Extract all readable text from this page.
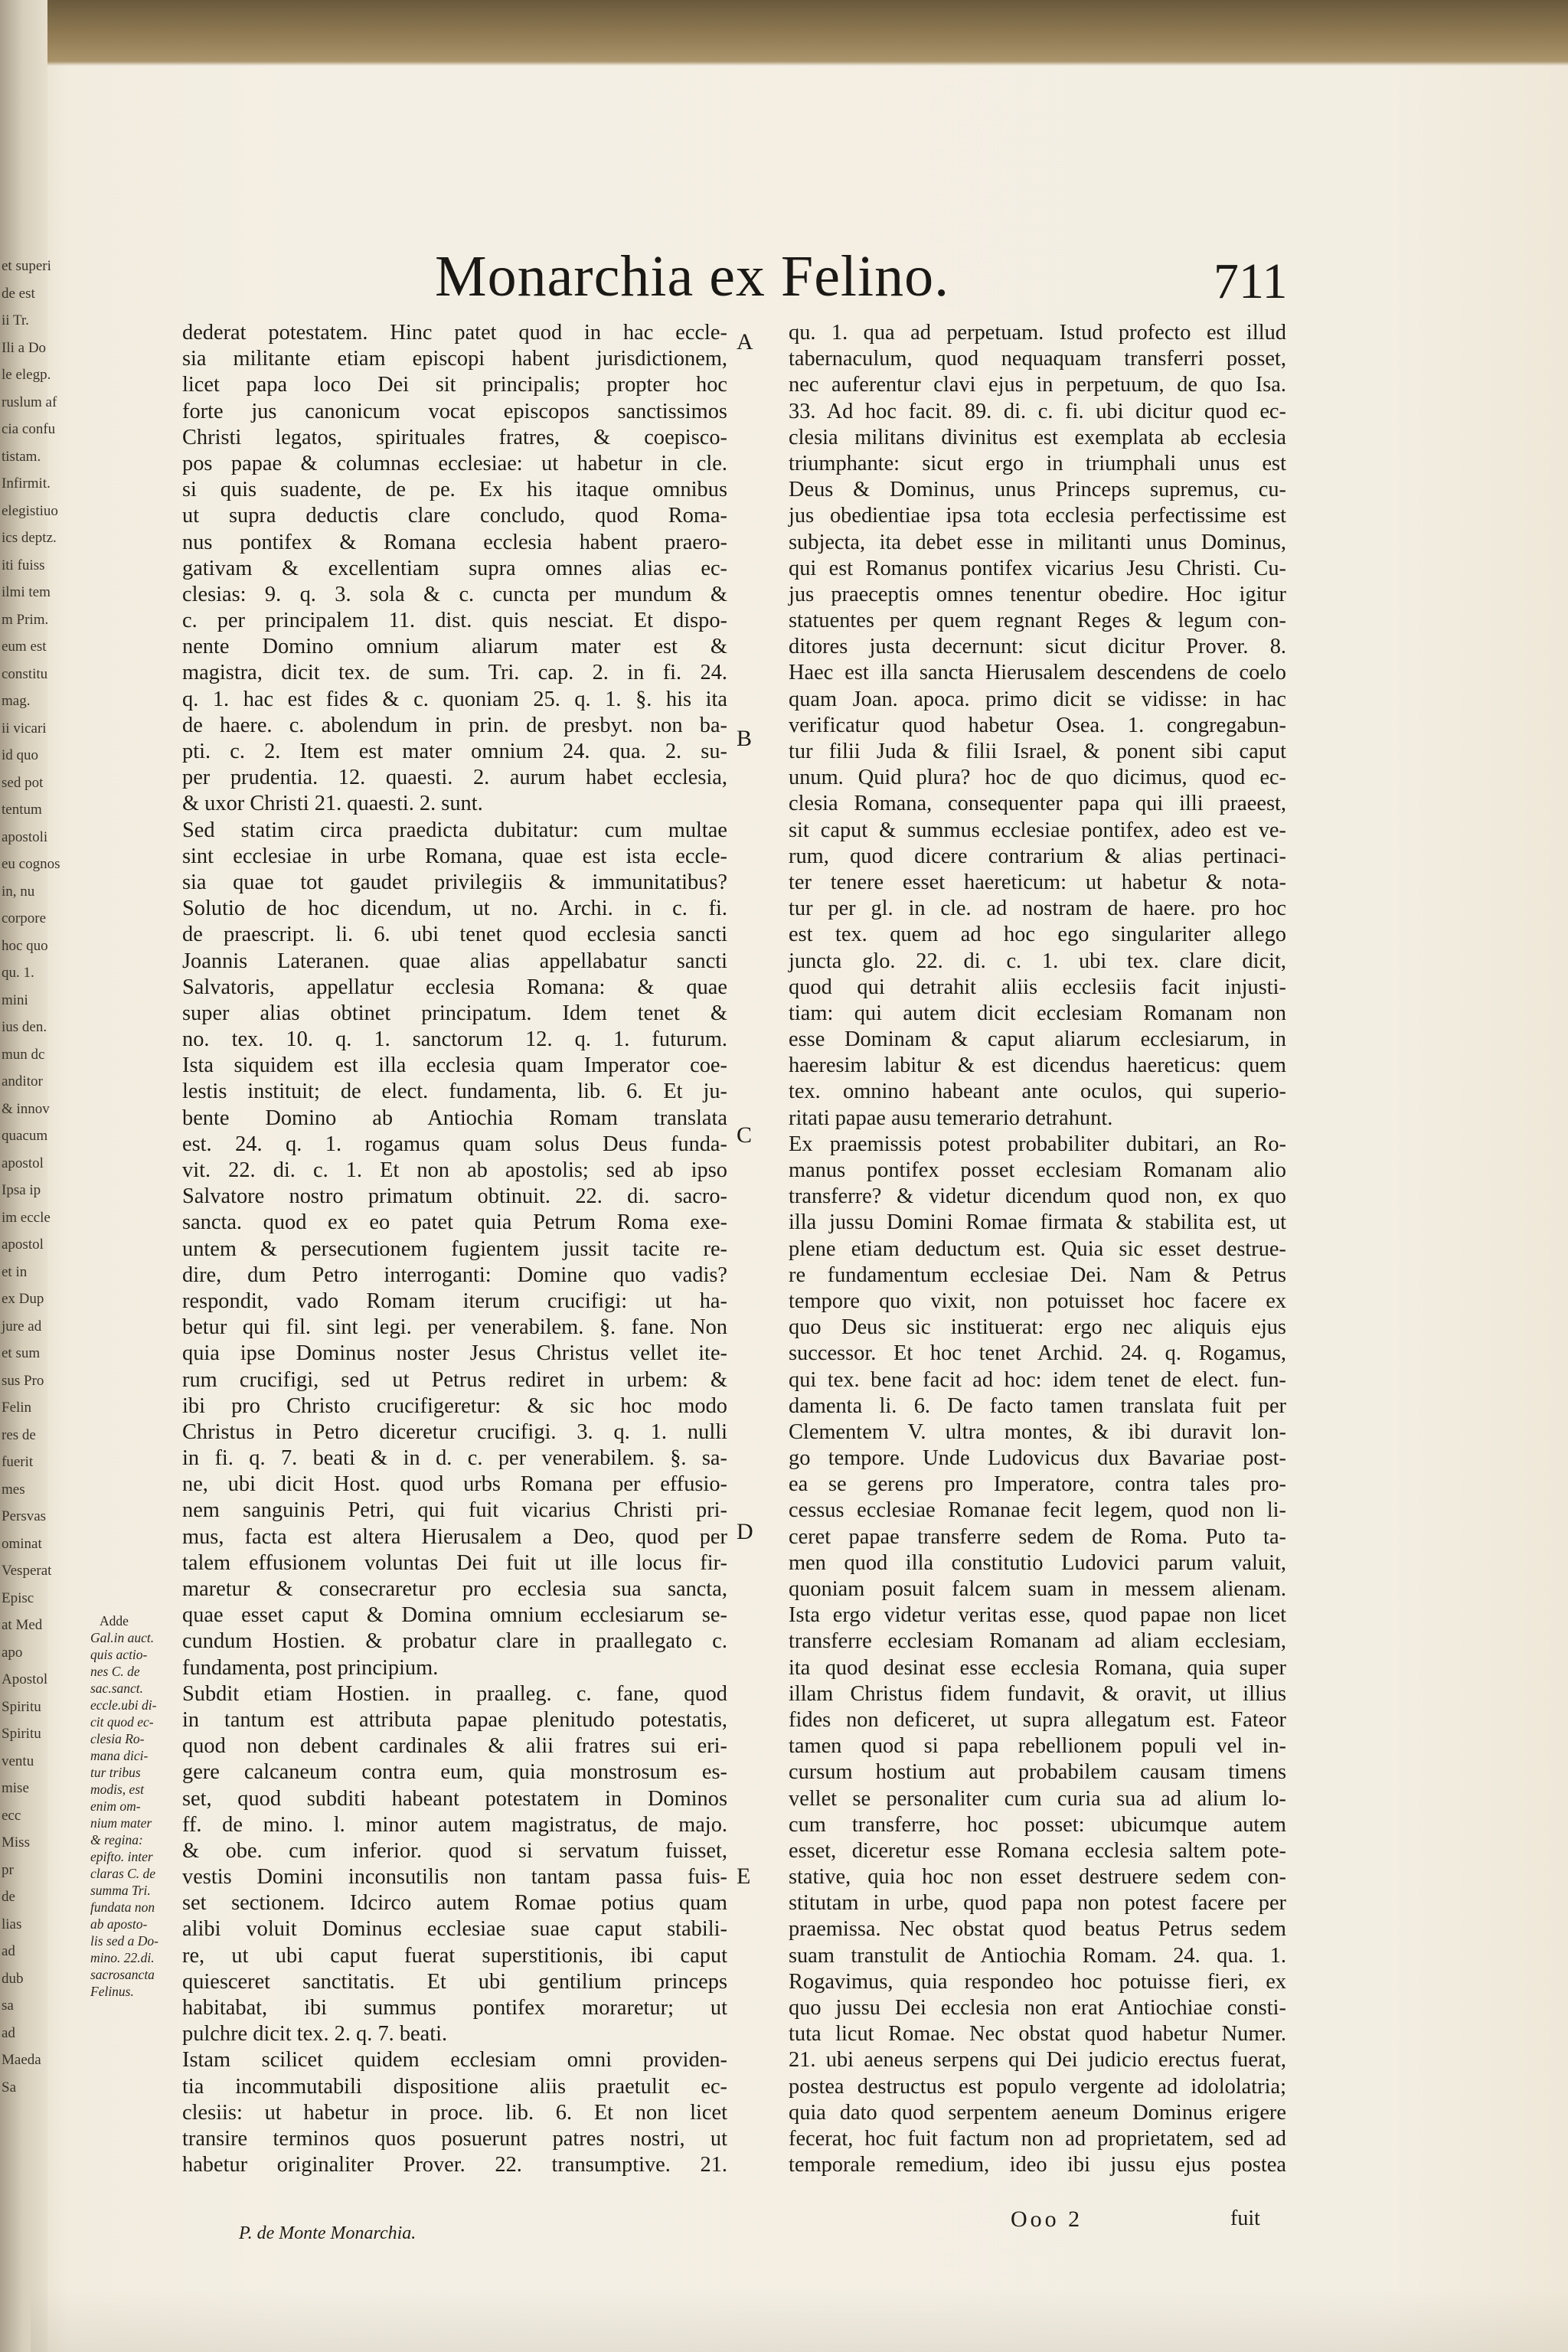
et superi
de est
ii Tr.
Ili a Do
le elegp.
ruslum af
cia confu
tistam.
Infirmit.
elegistiuo
ics deptz.
iti fuiss
ilmi tem
m Prim.
eum est
constitu
mag.
ii vicari
id quo
sed pot
tentum
apostoli
eu cognos
in, nu
corpore
hoc quo
qu. 1.
mini
ius den.
mun dc
anditor
& innov
quacum
apostol
Ipsa ip
im eccle
apostol
et in
ex Dup
jure ad
et sum
sus Pro
Felin
res de
fuerit
mes
Persvas
ominat
Vesperat
Episc
at Med
apo
Apostol
Spiritu
Spiritu
ventu
mise
ecc
Miss
pr
de
lias
ad
dub
sa
ad
Maeda
Sa
Monarchia ex Felino.	711
dederat potestatem. Hinc patet quod in hac eccle-
sia militante etiam episcopi habent jurisdictionem,
licet papa loco Dei sit principalis; propter hoc
forte jus canonicum vocat episcopos sanctissimos
Christi legatos, spirituales fratres, & coepisco-
pos papae & columnas ecclesiae: ut habetur in cle.
si quis suadente, de pe. Ex his itaque omnibus
ut supra deductis clare concludo, quod Roma-
nus pontifex & Romana ecclesia habent praero-
gativam & excellentiam supra omnes alias ec-
clesias: 9. q. 3. sola & c. cuncta per mundum &
c. per principalem 11. dist. quis nesciat. Et dispo-
nente Domino omnium aliarum mater est &
magistra, dicit tex. de sum. Tri. cap. 2. in fi. 24.
q. 1. hac est fides & c. quoniam 25. q. 1. §. his ita
de haere. c. abolendum in prin. de presbyt. non ba-
pti. c. 2. Item est mater omnium 24. qua. 2. su-
per prudentia. 12. quaesti. 2. aurum habet ecclesia,
& uxor Christi 21. quaesti. 2. sunt.
Sed statim circa praedicta dubitatur: cum multae
sint ecclesiae in urbe Romana, quae est ista eccle-
sia quae tot gaudet privilegiis & immunitatibus?
Solutio de hoc dicendum, ut no. Archi. in c. fi.
de praescript. li. 6. ubi tenet quod ecclesia sancti
Joannis Lateranen. quae alias appellabatur sancti
Salvatoris, appellatur ecclesia Romana: & quae
super alias obtinet principatum. Idem tenet &
no. tex. 10. q. 1. sanctorum 12. q. 1. futurum.
Ista siquidem est illa ecclesia quam Imperator coe-
lestis instituit; de elect. fundamenta, lib. 6. Et ju-
bente Domino ab Antiochia Romam translata
est. 24. q. 1. rogamus quam solus Deus funda-
vit. 22. di. c. 1. Et non ab apostolis; sed ab ipso
Salvatore nostro primatum obtinuit. 22. di. sacro-
sancta. quod ex eo patet quia Petrum Roma exe-
untem & persecutionem fugientem jussit tacite re-
dire, dum Petro interroganti: Domine quo vadis?
respondit, vado Romam iterum crucifigi: ut ha-
betur qui fil. sint legi. per venerabilem. §. fane. Non
quia ipse Dominus noster Jesus Christus vellet ite-
rum crucifigi, sed ut Petrus rediret in urbem: &
ibi pro Christo crucifigeretur: & sic hoc modo
Christus in Petro diceretur crucifigi. 3. q. 1. nulli
in fi. q. 7. beati & in d. c. per venerabilem. §. sa-
ne, ubi dicit Host. quod urbs Romana per effusio-
nem sanguinis Petri, qui fuit vicarius Christi pri-
mus, facta est altera Hierusalem a Deo, quod per
talem effusionem voluntas Dei fuit ut ille locus fir-
maretur & consecraretur pro ecclesia sua sancta,
quae esset caput & Domina omnium ecclesiarum se-
cundum Hostien. & probatur clare in praallegato c.
fundamenta, post principium.
Subdit etiam Hostien. in praalleg. c. fane, quod
in tantum est attributa papae plenitudo potestatis,
quod non debent cardinales & alii fratres sui eri-
gere calcaneum contra eum, quia monstrosum es-
set, quod subditi habeant potestatem in Dominos
ff. de mino. l. minor autem magistratus, de majo.
& obe. cum inferior. quod si servatum fuisset,
vestis Domini inconsutilis non tantam passa fuis-
set sectionem. Idcirco autem Romae potius quam
alibi voluit Dominus ecclesiae suae caput stabili-
re, ut ubi caput fuerat superstitionis, ibi caput
quiesceret sanctitatis. Et ubi gentilium princeps
habitabat, ibi summus pontifex moraretur; ut
pulchre dicit tex. 2. q. 7. beati.
Istam scilicet quidem ecclesiam omni providen-
tia incommutabili dispositione aliis praetulit ec-
clesiis: ut habetur in proce. lib. 6. Et non licet
transire terminos quos posuerunt patres nostri, ut
habetur originaliter Prover. 22. transumptive. 21.
qu. 1. qua ad perpetuam. Istud profecto est illud
tabernaculum, quod nequaquam transferri posset,
nec auferentur clavi ejus in perpetuum, de quo Isa.
33. Ad hoc facit. 89. di. c. fi. ubi dicitur quod ec-
clesia militans divinitus est exemplata ab ecclesia
triumphante: sicut ergo in triumphali unus est
Deus & Dominus, unus Princeps supremus, cu-
jus obedientiae ipsa tota ecclesia perfectissime est
subjecta, ita debet esse in militanti unus Dominus,
qui est Romanus pontifex vicarius Jesu Christi. Cu-
jus praeceptis omnes tenentur obedire. Hoc igitur
statuentes per quem regnant Reges & legum con-
ditores justa decernunt: sicut dicitur Prover. 8.
Haec est illa sancta Hierusalem descendens de coelo
quam Joan. apoca. primo dicit se vidisse: in hac
verificatur quod habetur Osea. 1. congregabun-
tur filii Juda & filii Israel, & ponent sibi caput
unum. Quid plura? hoc de quo dicimus, quod ec-
clesia Romana, consequenter papa qui illi praeest,
sit caput & summus ecclesiae pontifex, adeo est ve-
rum, quod dicere contrarium & alias pertinaci-
ter tenere esset haereticum: ut habetur & nota-
tur per gl. in cle. ad nostram de haere. pro hoc
est tex. quem ad hoc ego singulariter allego
juncta glo. 22. di. c. 1. ubi tex. clare dicit,
quod qui detrahit aliis ecclesiis facit injusti-
tiam: qui autem dicit ecclesiam Romanam non
esse Dominam & caput aliarum ecclesiarum, in
haeresim labitur & est dicendus haereticus: quem
tex. omnino habeant ante oculos, qui superio-
ritati papae ausu temerario detrahunt.
Ex praemissis potest probabiliter dubitari, an Ro-
manus pontifex posset ecclesiam Romanam alio
transferre? & videtur dicendum quod non, ex quo
illa jussu Domini Romae firmata & stabilita est, ut
plene etiam deductum est. Quia sic esset destrue-
re fundamentum ecclesiae Dei. Nam & Petrus
tempore quo vixit, non potuisset hoc facere ex
quo Deus sic instituerat: ergo nec aliquis ejus
successor. Et hoc tenet Archid. 24. q. Rogamus,
qui tex. bene facit ad hoc: idem tenet de elect. fun-
damenta li. 6. De facto tamen translata fuit per
Clementem V. ultra montes, & ibi duravit lon-
go tempore. Unde Ludovicus dux Bavariae post-
ea se gerens pro Imperatore, contra tales pro-
cessus ecclesiae Romanae fecit legem, quod non li-
ceret papae transferre sedem de Roma. Puto ta-
men quod illa constitutio Ludovici parum valuit,
quoniam posuit falcem suam in messem alienam.
Ista ergo videtur veritas esse, quod papae non licet
transferre ecclesiam Romanam ad aliam ecclesiam,
ita quod desinat esse ecclesia Romana, quia super
illam Christus fidem fundavit, & oravit, ut illius
fides non deficeret, ut supra allegatum est. Fateor
tamen quod si papa rebellionem populi vel in-
cursum hostium aut probabilem causam timens
vellet se personaliter cum curia sua ad alium lo-
cum transferre, hoc posset: ubicumque autem
esset, diceretur esse Romana ecclesia saltem pote-
stative, quia hoc non esset destruere sedem con-
stitutam in urbe, quod papa non potest facere per
praemissa. Nec obstat quod beatus Petrus sedem
suam transtulit de Antiochia Romam. 24. qua. 1.
Rogavimus, quia respondeo hoc potuisse fieri, ex
quo jussu Dei ecclesia non erat Antiochiae consti-
tuta licut Romae. Nec obstat quod habetur Numer.
21. ubi aeneus serpens qui Dei judicio erectus fuerat,
postea destructus est populo vergente ad idololatria;
quia dato quod serpentem aeneum Dominus erigere
fecerat, hoc fuit factum non ad proprietatem, sed ad
temporale remedium, ideo ibi jussu ejus postea
A
B
C
D
E
Adde
Gal.in auct.
quis actio-
nes C. de
sac.sanct.
eccle.ubi di-
cit quod ec-
clesia Ro-
mana dici-
tur tribus
modis, est
enim om-
nium mater
& regina:
epifto. inter
claras C. de
summa Tri.
fundata non
ab aposto-
lis sed a Do-
mino. 22.di.
sacrosancta
Felinus.
P. de Monte Monarchia.
Ooo 2	fuit
